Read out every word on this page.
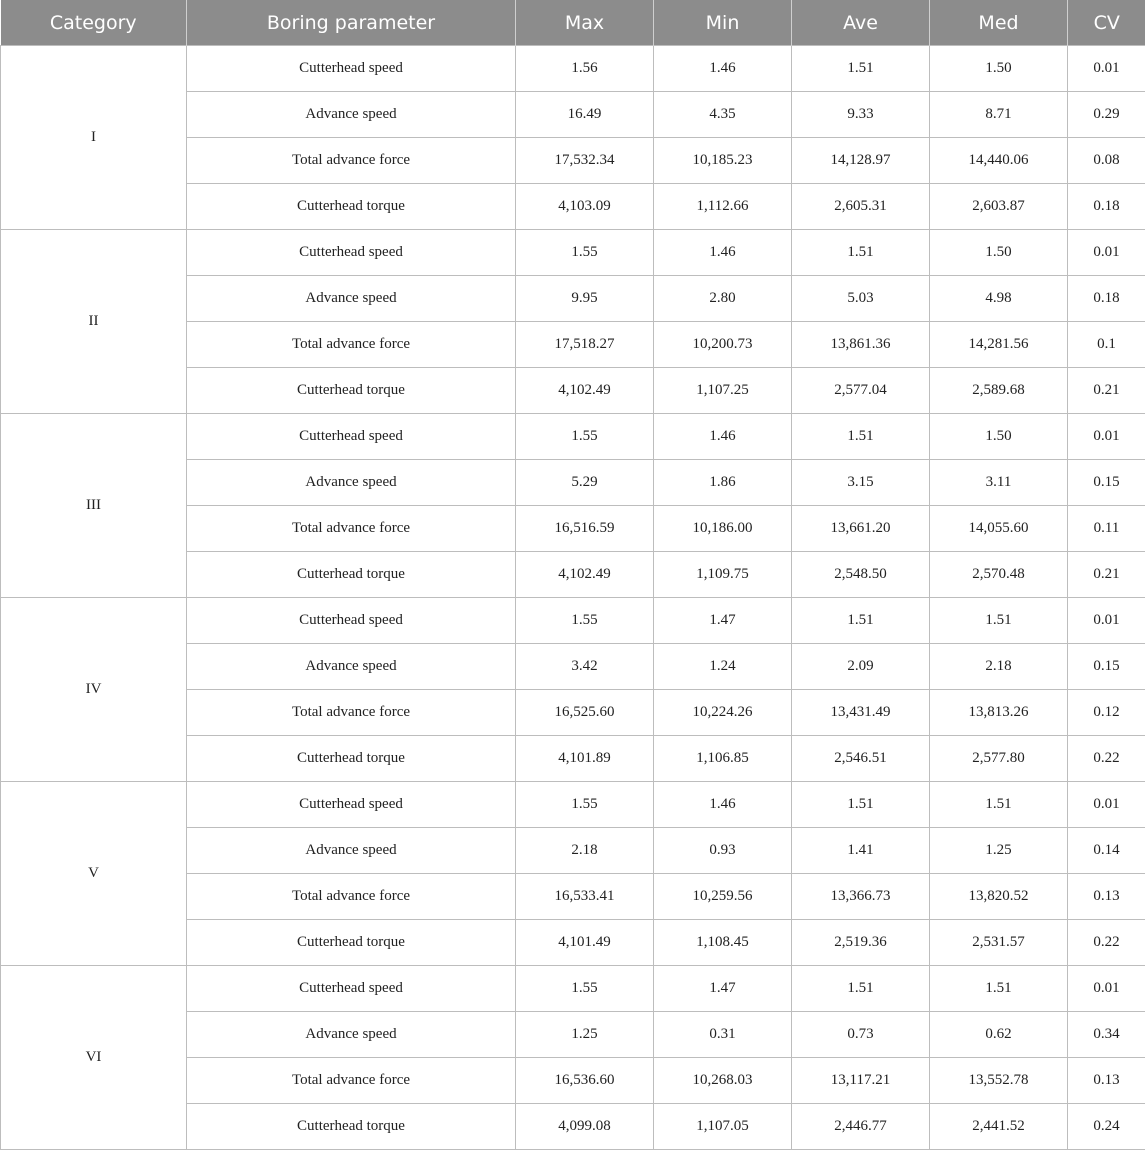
Category	Boring parameter	Max	Min	Ave	Med	CV
I	Cutterhead speed	1.56	1.46	1.51	1.50	0.01
	Advance speed	16.49	4.35	9.33	8.71	0.29
	Total advance force	17,532.34	10,185.23	14,128.97	14,440.06	0.08
	Cutterhead torque	4,103.09	1,112.66	2,605.31	2,603.87	0.18
II	Cutterhead speed	1.55	1.46	1.51	1.50	0.01
	Advance speed	9.95	2.80	5.03	4.98	0.18
	Total advance force	17,518.27	10,200.73	13,861.36	14,281.56	0.1
	Cutterhead torque	4,102.49	1,107.25	2,577.04	2,589.68	0.21
III	Cutterhead speed	1.55	1.46	1.51	1.50	0.01
	Advance speed	5.29	1.86	3.15	3.11	0.15
	Total advance force	16,516.59	10,186.00	13,661.20	14,055.60	0.11
	Cutterhead torque	4,102.49	1,109.75	2,548.50	2,570.48	0.21
IV	Cutterhead speed	1.55	1.47	1.51	1.51	0.01
	Advance speed	3.42	1.24	2.09	2.18	0.15
	Total advance force	16,525.60	10,224.26	13,431.49	13,813.26	0.12
	Cutterhead torque	4,101.89	1,106.85	2,546.51	2,577.80	0.22
V	Cutterhead speed	1.55	1.46	1.51	1.51	0.01
	Advance speed	2.18	0.93	1.41	1.25	0.14
	Total advance force	16,533.41	10,259.56	13,366.73	13,820.52	0.13
	Cutterhead torque	4,101.49	1,108.45	2,519.36	2,531.57	0.22
VI	Cutterhead speed	1.55	1.47	1.51	1.51	0.01
	Advance speed	1.25	0.31	0.73	0.62	0.34
	Total advance force	16,536.60	10,268.03	13,117.21	13,552.78	0.13
	Cutterhead torque	4,099.08	1,107.05	2,446.77	2,441.52	0.24
